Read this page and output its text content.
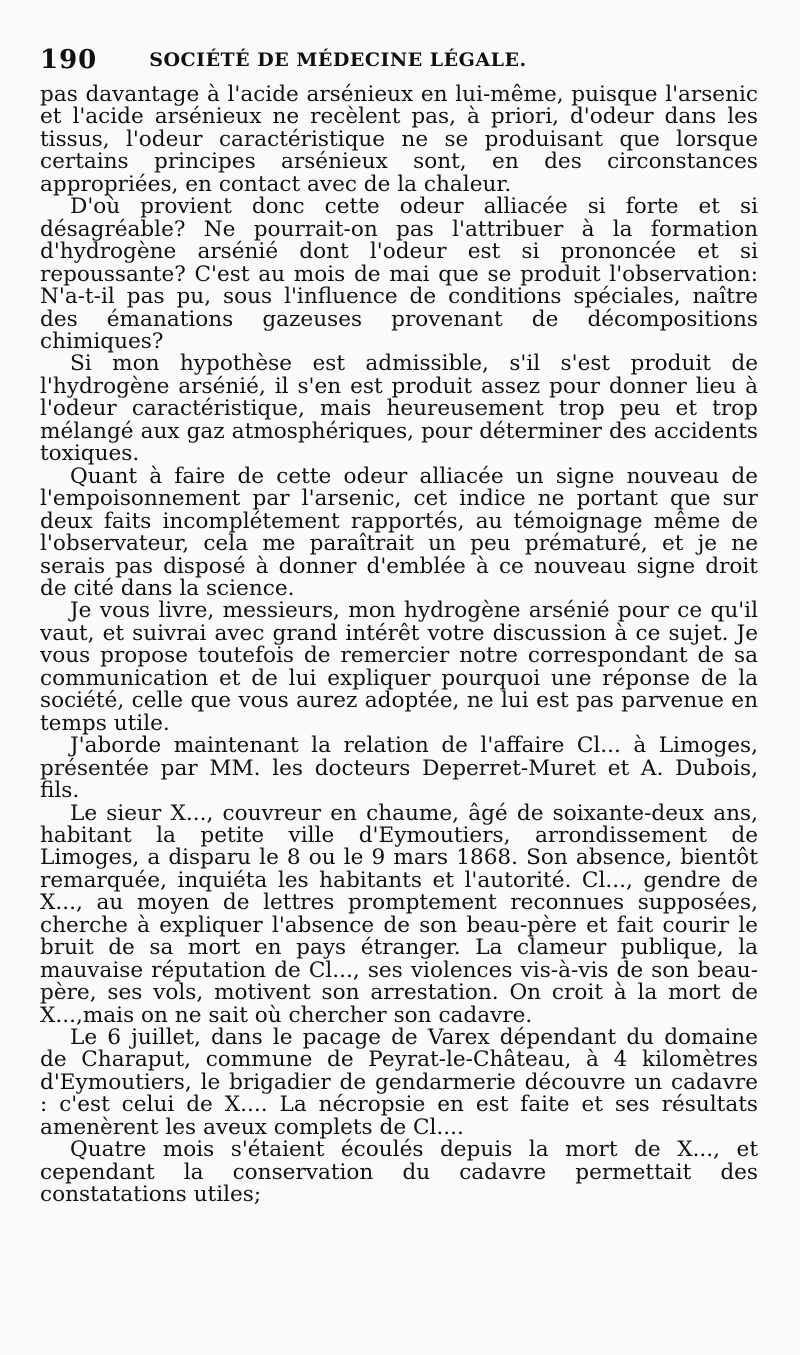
190	SOCIÉTÉ DE MÉDECINE LÉGALE.

pas davantage à l'acide arsénieux en lui-même, puisque l'arsenic et l'acide arsénieux ne recèlent pas, à priori, d'odeur dans les tissus, l'odeur caractéristique ne se produisant que lorsque certains principes arsénieux sont, en des circonstances appropriées, en contact avec de la chaleur.

D'où provient donc cette odeur alliacée si forte et si désagréable? Ne pourrait-on pas l'attribuer à la formation d'hydrogène arsénié dont l'odeur est si prononcée et si repoussante? C'est au mois de mai que se produit l'observation: N'a-t-il pas pu, sous l'influence de conditions spéciales, naître des émanations gazeuses provenant de décompositions chimiques?

Si mon hypothèse est admissible, s'il s'est produit de l'hydrogène arsénié, il s'en est produit assez pour donner lieu à l'odeur caractéristique, mais heureusement trop peu et trop mélangé aux gaz atmosphériques, pour déterminer des accidents toxiques.

Quant à faire de cette odeur alliacée un signe nouveau de l'empoisonnement par l'arsenic, cet indice ne portant que sur deux faits incomplétement rapportés, au témoignage même de l'observateur, cela me paraîtrait un peu prématuré, et je ne serais pas disposé à donner d'emblée à ce nouveau signe droit de cité dans la science.

Je vous livre, messieurs, mon hydrogène arsénié pour ce qu'il vaut, et suivrai avec grand intérêt votre discussion à ce sujet. Je vous propose toutefois de remercier notre correspondant de sa communication et de lui expliquer pourquoi une réponse de la société, celle que vous aurez adoptée, ne lui est pas parvenue en temps utile.

J'aborde maintenant la relation de l'affaire Cl... à Limoges, présentée par MM. les docteurs Deperret-Muret et A. Dubois, fils.

Le sieur X..., couvreur en chaume, âgé de soixante-deux ans, habitant la petite ville d'Eymoutiers, arrondissement de Limoges, a disparu le 8 ou le 9 mars 1868. Son absence, bientôt remarquée, inquiéta les habitants et l'autorité. Cl..., gendre de X..., au moyen de lettres promptement reconnues supposées, cherche à expliquer l'absence de son beau-père et fait courir le bruit de sa mort en pays étranger. La clameur publique, la mauvaise réputation de Cl..., ses violences vis-à-vis de son beau-père, ses vols, motivent son arrestation. On croit à la mort de X...,mais on ne sait où chercher son cadavre.

Le 6 juillet, dans le pacage de Varex dépendant du domaine de Charaput, commune de Peyrat-le-Château, à 4 kilomètres d'Eymoutiers, le brigadier de gendarmerie découvre un cadavre : c'est celui de X.... La nécropsie en est faite et ses résultats amenèrent les aveux complets de Cl....

Quatre mois s'étaient écoulés depuis la mort de X..., et cependant la conservation du cadavre permettait des constatations utiles;
